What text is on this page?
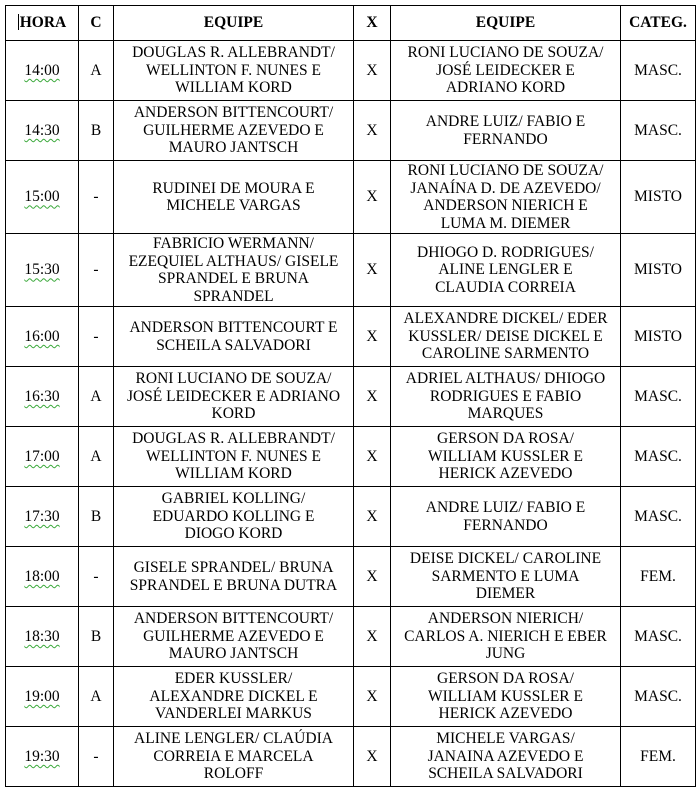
HORA	C	EQUIPE	X	EQUIPE	CATEG.
14:00	A	DOUGLAS R. ALLEBRANDT/
WELLINTON F. NUNES E
WILLIAM KORD	X	RONI LUCIANO DE SOUZA/
JOSÉ LEIDECKER E
ADRIANO KORD	MASC.
14:30	B	ANDERSON BITTENCOURT/
GUILHERME AZEVEDO E
MAURO JANTSCH	X	ANDRE LUIZ/ FABIO E
FERNANDO	MASC.
15:00	-	RUDINEI DE MOURA E
MICHELE VARGAS	X	RONI LUCIANO DE SOUZA/
JANAÍNA D. DE AZEVEDO/
ANDERSON NIERICH E
LUMA M. DIEMER	MISTO
15:30	-	FABRICIO WERMANN/
EZEQUIEL ALTHAUS/ GISELE
SPRANDEL E BRUNA
SPRANDEL	X	DHIOGO D. RODRIGUES/
ALINE LENGLER E
CLAUDIA CORREIA	MISTO
16:00	-	ANDERSON BITTENCOURT E
SCHEILA SALVADORI	X	ALEXANDRE DICKEL/ EDER
KUSSLER/ DEISE DICKEL E
CAROLINE SARMENTO	MISTO
16:30	A	RONI LUCIANO DE SOUZA/
JOSÉ LEIDECKER E ADRIANO
KORD	X	ADRIEL ALTHAUS/ DHIOGO
RODRIGUES E FABIO
MARQUES	MASC.
17:00	A	DOUGLAS R. ALLEBRANDT/
WELLINTON F. NUNES E
WILLIAM KORD	X	GERSON DA ROSA/
WILLIAM KUSSLER E
HERICK AZEVEDO	MASC.
17:30	B	GABRIEL KOLLING/
EDUARDO KOLLING E
DIOGO KORD	X	ANDRE LUIZ/ FABIO E
FERNANDO	MASC.
18:00	-	GISELE SPRANDEL/ BRUNA
SPRANDEL E BRUNA DUTRA	X	DEISE DICKEL/ CAROLINE
SARMENTO E LUMA
DIEMER	FEM.
18:30	B	ANDERSON BITTENCOURT/
GUILHERME AZEVEDO E
MAURO JANTSCH	X	ANDERSON NIERICH/
CARLOS A. NIERICH E EBER
JUNG	MASC.
19:00	A	EDER KUSSLER/
ALEXANDRE DICKEL E
VANDERLEI MARKUS	X	GERSON DA ROSA/
WILLIAM KUSSLER E
HERICK AZEVEDO	MASC.
19:30	-	ALINE LENGLER/ CLAÚDIA
CORREIA E MARCELA
ROLOFF	X	MICHELE VARGAS/
JANAINA AZEVEDO E
SCHEILA SALVADORI	FEM.
